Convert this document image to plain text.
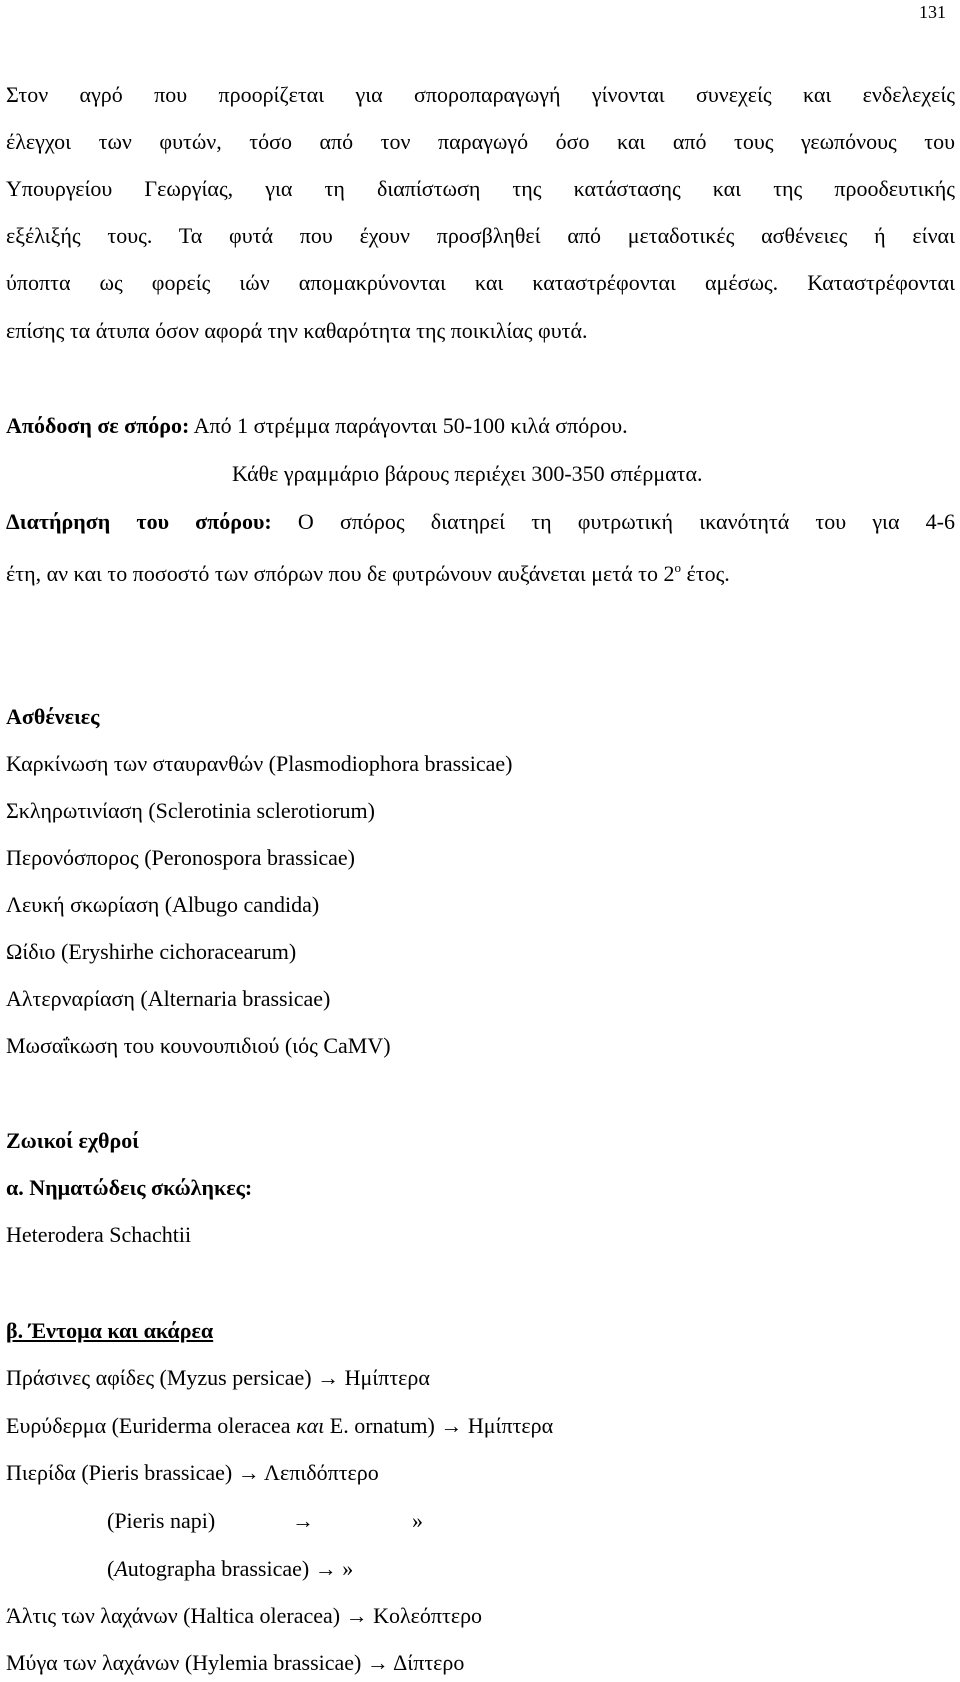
131
Στον αγρό που προορίζεται για σποροπαραγωγή γίνονται συνεχείς και ενδελεχείς
έλεγχοι των φυτών, τόσο από τον παραγωγό όσο και από τους γεωπόνους του
Υπουργείου Γεωργίας, για τη διαπίστωση της κατάστασης και της προοδευτικής
εξέλιξής τους. Τα φυτά που έχουν προσβληθεί από μεταδοτικές ασθένειες ή είναι
ύποπτα ως φορείς ιών απομακρύνονται και καταστρέφονται αμέσως. Καταστρέφονται
επίσης τα άτυπα όσον αφορά την καθαρότητα της ποικιλίας φυτά.
Απόδοση σε σπόρο: Από 1 στρέμμα παράγονται 50-100 κιλά σπόρου.
Κάθε γραμμάριο βάρους περιέχει 300-350 σπέρματα.
Διατήρηση του σπόρου: Ο σπόρος διατηρεί τη φυτρωτική ικανότητά του για 4-6
έτη, αν και το ποσοστό των σπόρων που δε φυτρώνουν αυξάνεται μετά το $2^o$ έτος.
Ασθένειες
Καρκίνωση των σταυρανθών (Plasmodiophora brassicae)
Σκληρωτινίαση (Sclerotinia sclerotiorum)
Περονόσπορος (Peronospora brassicae)
Λευκή σκωρίαση (Albugo candida)
Ωίδιο (Eryshirhe cichoracearum)
Αλτερναρίαση (Alternaria brassicae)
Μωσαΐκωση του κουνουπιδιού (ιός CaMV)
Ζωικοί εχθροί
α. Νηματώδεις σκώληκες:
Heterodera Schachtii
β. Έντομα και ακάρεα
Πράσινες αφίδες (Myzus persicae) → Ημίπτερα
Ευρύδερμα (Euriderma oleracea και E. ornatum) → Ημίπτερα
Πιερίδα (Pieris brassicae) → Λεπιδόπτερο
(Pieris napi)	→	»
(Autographa brassicae) → »
Άλτις των λαχάνων (Haltica oleracea) → Κολεόπτερο
Μύγα των λαχάνων (Hylemia brassicae) → Δίπτερο
